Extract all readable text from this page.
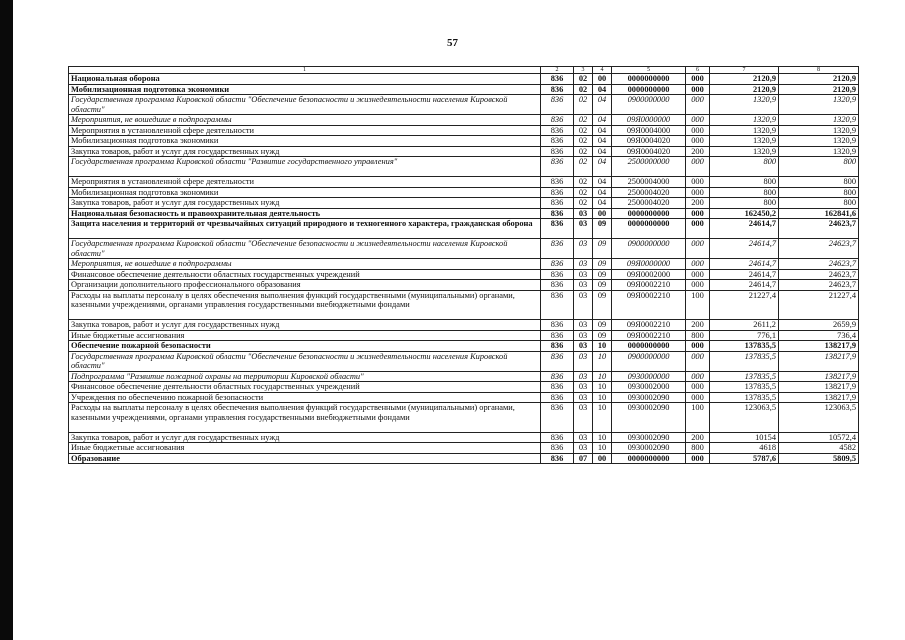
57
1	2	3	4	5	6	7	8
Национальная оборона	836	02	00	0000000000	000	2120,9	2120,9
Мобилизационная подготовка экономики	836	02	04	0000000000	000	2120,9	2120,9
Государственная программа Кировской области "Обеспечение безопасности и жизнедеятельности населения Кировской области"	836	02	04	0900000000	000	1320,9	1320,9
Мероприятия, не вошедшие в подпрограммы	836	02	04	09Я0000000	000	1320,9	1320,9
Мероприятия в установленной сфере деятельности	836	02	04	09Я0004000	000	1320,9	1320,9
Мобилизационная подготовка экономики	836	02	04	09Я0004020	000	1320,9	1320,9
Закупка товаров, работ и услуг для государственных нужд	836	02	04	09Я0004020	200	1320,9	1320,9
Государственная программа Кировской области "Развитие государственного управления"	836	02	04	2500000000	000	800	800
Мероприятия в установленной сфере деятельности	836	02	04	2500004000	000	800	800
Мобилизационная подготовка экономики	836	02	04	2500004020	000	800	800
Закупка товаров, работ и услуг для государственных нужд	836	02	04	2500004020	200	800	800
Национальная безопасность и правоохранительная деятельность	836	03	00	0000000000	000	162450,2	162841,6
Защита населения и территорий от чрезвычайных ситуаций природного и техногенного характера, гражданская оборона	836	03	09	0000000000	000	24614,7	24623,7
Государственная программа Кировской области "Обеспечение безопасности и жизнедеятельности населения Кировской области"	836	03	09	0900000000	000	24614,7	24623,7
Мероприятия, не вошедшие в подпрограммы	836	03	09	09Я0000000	000	24614,7	24623,7
Финансовое обеспечение деятельности областных государственных учреждений	836	03	09	09Я0002000	000	24614,7	24623,7
Организации дополнительного профессионального образования	836	03	09	09Я0002210	000	24614,7	24623,7
Расходы на выплаты персоналу в целях обеспечения выполнения функций государственными (муниципальными) органами, казенными учреждениями, органами управления государственными внебюджетными фондами	836	03	09	09Я0002210	100	21227,4	21227,4
Закупка товаров, работ и услуг для государственных нужд	836	03	09	09Я0002210	200	2611,2	2659,9
Иные бюджетные ассигнования	836	03	09	09Я0002210	800	776,1	736,4
Обеспечение пожарной безопасности	836	03	10	0000000000	000	137835,5	138217,9
Государственная программа Кировской области "Обеспечение безопасности и жизнедеятельности населения Кировской области"	836	03	10	0900000000	000	137835,5	138217,9
Подпрограмма "Развитие пожарной охраны на территории Кировской области"	836	03	10	0930000000	000	137835,5	138217,9
Финансовое обеспечение деятельности областных государственных учреждений	836	03	10	0930002000	000	137835,5	138217,9
Учреждения по обеспечению пожарной безопасности	836	03	10	0930002090	000	137835,5	138217,9
Расходы на выплаты персоналу в целях обеспечения выполнения функций государственными (муниципальными) органами, казенными учреждениями, органами управления государственными внебюджетными фондами	836	03	10	0930002090	100	123063,5	123063,5
Закупка товаров, работ и услуг для государственных нужд	836	03	10	0930002090	200	10154	10572,4
Иные бюджетные ассигнования	836	03	10	0930002090	800	4618	4582
Образование	836	07	00	0000000000	000	5787,6	5809,5
